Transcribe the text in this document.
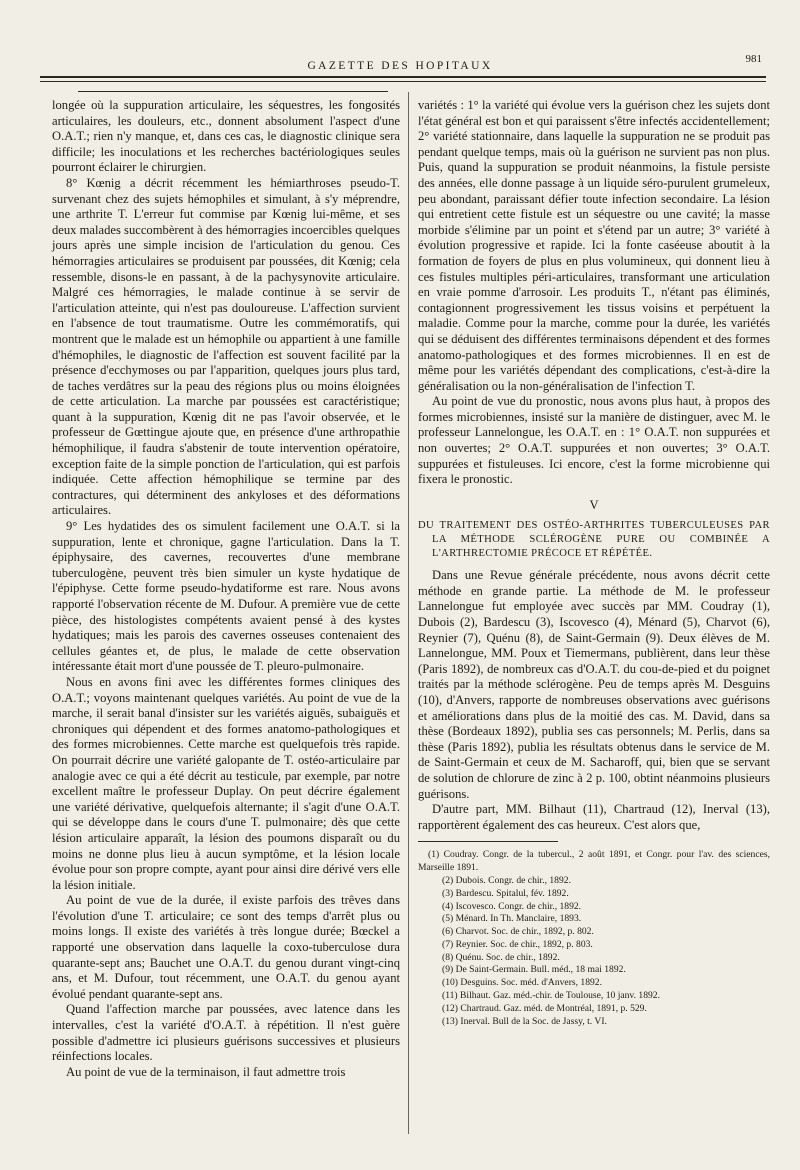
GAZETTE DES HOPITAUX
981

longée où la suppuration articulaire, les séquestres, les fongosités articulaires, les douleurs, etc., donnent absolument l'aspect d'une O.A.T.; rien n'y manque, et, dans ces cas, le diagnostic clinique sera difficile; les inoculations et les recherches bactériologiques seules pourront éclairer le chirurgien.

8° Kœnig a décrit récemment les hémiarthroses pseudo-T. survenant chez des sujets hémophiles et simulant, à s'y méprendre, une arthrite T. L'erreur fut commise par Kœnig lui-même, et ses deux malades succombèrent à des hémorragies incoercibles quelques jours après une simple incision de l'articulation du genou. Ces hémorragies articulaires se produisent par poussées, dit Kœnig; cela ressemble, disons-le en passant, à de la pachysynovite articulaire. Malgré ces hémorragies, le malade continue à se servir de l'articulation atteinte, qui n'est pas douloureuse. L'affection survient en l'absence de tout traumatisme. Outre les commémoratifs, qui montrent que le malade est un hémophile ou appartient à une famille d'hémophiles, le diagnostic de l'affection est souvent facilité par la présence d'ecchymoses ou par l'apparition, quelques jours plus tard, de taches verdâtres sur la peau des régions plus ou moins éloignées de cette articulation. La marche par poussées est caractéristique; quant à la suppuration, Kœnig dit ne pas l'avoir observée, et le professeur de Gœttingue ajoute que, en présence d'une arthropathie hémophilique, il faudra s'abstenir de toute intervention opératoire, exception faite de la simple ponction de l'articulation, qui est parfois indiquée. Cette affection hémophilique se termine par des contractures, qui déterminent des ankyloses et des déformations articulaires.

9° Les hydatides des os simulent facilement une O.A.T. si la suppuration, lente et chronique, gagne l'articulation. Dans la T. épiphysaire, des cavernes, recouvertes d'une membrane tuberculogène, peuvent très bien simuler un kyste hydatique de l'épiphyse. Cette forme pseudo-hydatiforme est rare. Nous avons rapporté l'observation récente de M. Dufour. A première vue de cette pièce, des histologistes compétents avaient pensé à des kystes hydatiques; mais les parois des cavernes osseuses contenaient des cellules géantes et, de plus, le malade de cette observation intéressante était mort d'une poussée de T. pleuro-pulmonaire.

Nous en avons fini avec les différentes formes cliniques des O.A.T.; voyons maintenant quelques variétés. Au point de vue de la marche, il serait banal d'insister sur les variétés aiguës, subaiguës et chroniques qui dépendent et des formes anatomo-pathologiques et des formes microbiennes. Cette marche est quelquefois très rapide. On pourrait décrire une variété galopante de T. ostéo-articulaire par analogie avec ce qui a été décrit au testicule, par exemple, par notre excellent maître le professeur Duplay. On peut décrire également une variété dérivative, quelquefois alternante; il s'agit d'une O.A.T. qui se développe dans le cours d'une T. pulmonaire; dès que cette lésion articulaire apparaît, la lésion des poumons disparaît ou du moins ne donne plus lieu à aucun symptôme, et la lésion locale évolue pour son propre compte, ayant pour ainsi dire dérivé vers elle la lésion initiale.

Au point de vue de la durée, il existe parfois des trêves dans l'évolution d'une T. articulaire; ce sont des temps d'arrêt plus ou moins longs. Il existe des variétés à très longue durée; Bœckel a rapporté une observation dans laquelle la coxo-tuberculose dura quarante-sept ans; Bauchet une O.A.T. du genou durant vingt-cinq ans, et M. Dufour, tout récemment, une O.A.T. du genou ayant évolué pendant quarante-sept ans.

Quand l'affection marche par poussées, avec latence dans les intervalles, c'est la variété d'O.A.T. à répétition. Il n'est guère possible d'admettre ici plusieurs guérisons successives et plusieurs réinfections locales.

Au point de vue de la terminaison, il faut admettre trois

variétés : 1° la variété qui évolue vers la guérison chez les sujets dont l'état général est bon et qui paraissent s'être infectés accidentellement; 2° variété stationnaire, dans laquelle la suppuration ne se produit pas pendant quelque temps, mais où la guérison ne survient pas non plus. Puis, quand la suppuration se produit néanmoins, la fistule persiste des années, elle donne passage à un liquide séro-purulent grumeleux, peu abondant, paraissant défier toute infection secondaire. La lésion qui entretient cette fistule est un séquestre ou une cavité; la masse morbide s'élimine par un point et s'étend par un autre; 3° variété à évolution progressive et rapide. Ici la fonte caséeuse aboutit à la formation de foyers de plus en plus volumineux, qui donnent lieu à ces fistules multiples péri-articulaires, transformant une articulation en vraie pomme d'arrosoir. Les produits T., n'étant pas éliminés, contagionnent progressivement les tissus voisins et perpétuent la maladie. Comme pour la marche, comme pour la durée, les variétés qui se déduisent des différentes terminaisons dépendent et des formes anatomo-pathologiques et des formes microbiennes. Il en est de même pour les variétés dépendant des complications, c'est-à-dire la généralisation ou la non-généralisation de l'infection T.

Au point de vue du pronostic, nous avons plus haut, à propos des formes microbiennes, insisté sur la manière de distinguer, avec M. le professeur Lannelongue, les O.A.T. en : 1° O.A.T. non suppurées et non ouvertes; 2° O.A.T. suppurées et non ouvertes; 3° O.A.T. suppurées et fistuleuses. Ici encore, c'est la forme microbienne qui fixera le pronostic.

V
DU TRAITEMENT DES OSTÉO-ARTHRITES TUBERCULEUSES PAR LA MÉTHODE SCLÉROGÈNE PURE OU COMBINÉE A L'ARTHRECTOMIE PRÉCOCE ET RÉPÉTÉE.

Dans une Revue générale précédente, nous avons décrit cette méthode en grande partie. La méthode de M. le professeur Lannelongue fut employée avec succès par MM. Coudray (1), Dubois (2), Bardescu (3), Iscovesco (4), Ménard (5), Charvot (6), Reynier (7), Quénu (8), de Saint-Germain (9). Deux élèves de M. Lannelongue, MM. Poux et Tiemermans, publièrent, dans leur thèse (Paris 1892), de nombreux cas d'O.A.T. du cou-de-pied et du poignet traités par la méthode sclérogène. Peu de temps après M. Desguins (10), d'Anvers, rapporte de nombreuses observations avec guérisons et améliorations dans plus de la moitié des cas. M. David, dans sa thèse (Bordeaux 1892), publia ses cas personnels; M. Perlis, dans sa thèse (Paris 1892), publia les résultats obtenus dans le service de M. de Saint-Germain et ceux de M. Sacharoff, qui, bien que se servant de solution de chlorure de zinc à 2 p. 100, obtint néanmoins plusieurs guérisons.

D'autre part, MM. Bilhaut (11), Chartraud (12), Inerval (13), rapportèrent également des cas heureux. C'est alors que,

(1) Coudray. Congr. de la tubercul., 2 août 1891, et Congr. pour l'av. des sciences, Marseille 1891.

(2) Dubois. Congr. de chir., 1892.

(3) Bardescu. Spitalul, fév. 1892.

(4) Iscovesco. Congr. de chir., 1892.

(5) Ménard. In Th. Manclaire, 1893.

(6) Charvot. Soc. de chir., 1892, p. 802.

(7) Reynier. Soc. de chir., 1892, p. 803.

(8) Quénu. Soc. de chir., 1892.

(9) De Saint-Germain. Bull. méd., 18 mai 1892.

(10) Desguins. Soc. méd. d'Anvers, 1892.

(11) Bilhaut. Gaz. méd.-chir. de Toulouse, 10 janv. 1892.

(12) Chartraud. Gaz. méd. de Montréal, 1891, p. 529.

(13) Inerval. Bull de la Soc. de Jassy, t. VI.
